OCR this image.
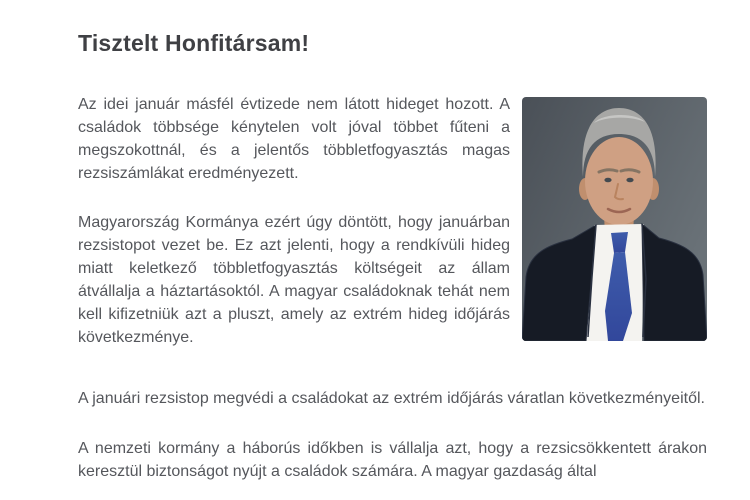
Tisztelt Honfitársam!

Az idei január másfél évtizede nem látott hideget hozott. A családok többsége kénytelen volt jóval többet fűteni a megszokottnál, és a jelentős többletfogyasztás magas rezsiszámlákat eredményezett.

Magyarország Kormánya ezért úgy döntött, hogy januárban rezsistopot vezet be. Ez azt jelenti, hogy a rendkívüli hideg miatt keletkező többletfogyasztás költségeit az állam átvállalja a háztartásoktól. A magyar családoknak tehát nem kell kifizetniük azt a pluszt, amely az extrém hideg időjárás következménye.

A januári rezsistop megvédi a családokat az extrém időjárás váratlan következményeitől.

A nemzeti kormány a háborús időkben is vállalja azt, hogy a rezsicsökkentett árakon keresztül biztonságot nyújt a családok számára. A magyar gazdaság által
